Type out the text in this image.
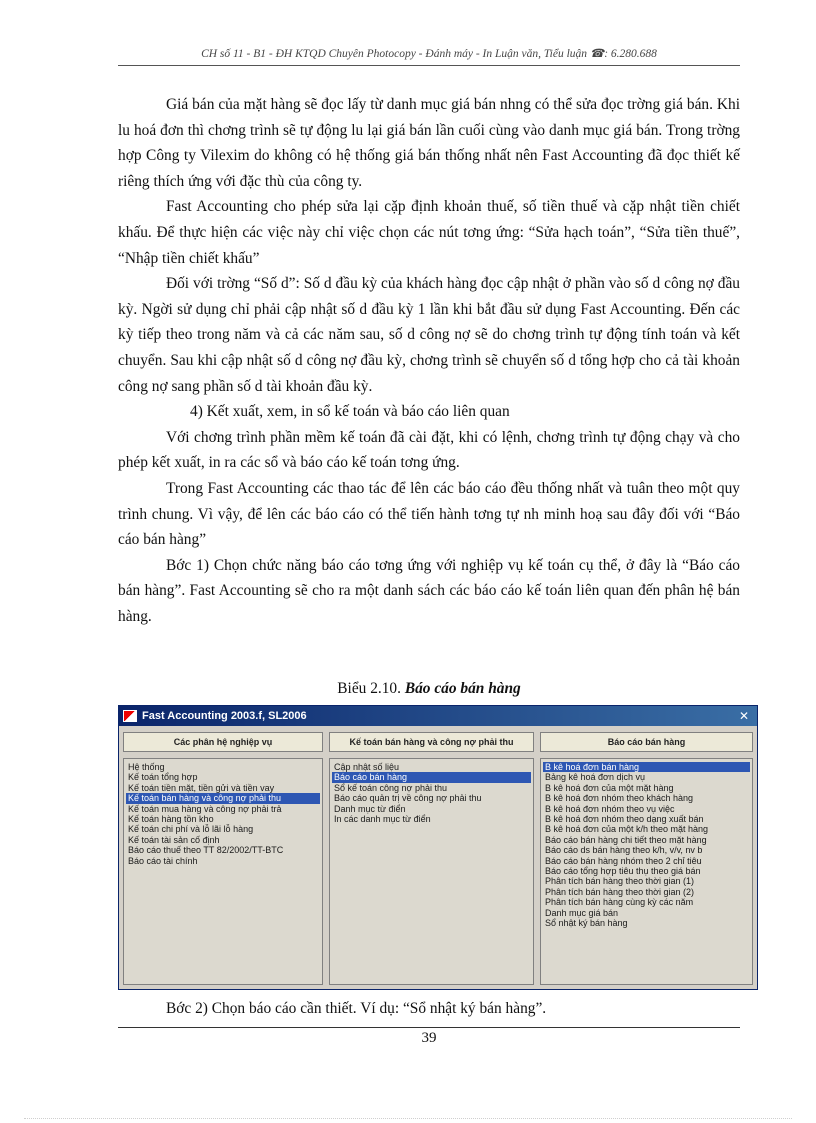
CH số 11 - B1 - ĐH KTQD Chuyên Photocopy - Đánh máy - In Luận văn, Tiểu luận ☎: 6.280.688

Giá bán của mặt hàng sẽ đọc lấy từ danh mục giá bán nhng có thể sửa đọc trờng giá bán. Khi lu hoá đơn thì chơng trình sẽ tự động lu lại giá bán lần cuối cùng vào danh mục giá bán. Trong trờng hợp Công ty Vilexim do không có hệ thống giá bán thống nhất nên Fast Accounting đã đọc thiết kế riêng thích ứng với đặc thù của công ty.

Fast Accounting cho phép sửa lại cặp định khoản thuế, số tiền thuế và cặp nhật tiền chiết khấu. Để thực hiện các việc này chỉ việc chọn các nút tơng ứng: “Sửa hạch toán”, “Sửa tiền thuế”, “Nhập tiền chiết khấu”

Đối với trờng “Số d”: Số d đầu kỳ của khách hàng đọc cập nhật ở phần vào số d công nợ đầu kỳ. Ngời sử dụng chỉ phải cập nhật số d đầu kỳ 1 lần khi bắt đầu sử dụng Fast Accounting. Đến các kỳ tiếp theo trong năm và cả các năm sau, số d công nợ sẽ do chơng trình tự động tính toán và kết chuyển. Sau khi cập nhật số d công nợ đầu kỳ, chơng trình sẽ chuyển số d tổng hợp cho cả tài khoản công nợ sang phần số d tài khoản đầu kỳ.

4) Kết xuất, xem, in sổ kế toán và báo cáo liên quan

Với chơng trình phần mềm kế toán đã cài đặt, khi có lệnh, chơng trình tự động chạy và cho phép kết xuất, in ra các sổ và báo cáo kế toán tơng ứng.

Trong Fast Accounting các thao tác để lên các báo cáo đều thống nhất và tuân theo một quy trình chung. Vì vậy, để lên các báo cáo có thể tiến hành tơng tự nh minh hoạ sau đây đối với “Báo cáo bán hàng”

Bớc 1) Chọn chức năng báo cáo tơng ứng với nghiệp vụ kế toán cụ thể, ở đây là “Báo cáo bán hàng”. Fast Accounting sẽ cho ra một danh sách các báo cáo kế toán liên quan đến phân hệ bán hàng.

Biểu 2.10. Báo cáo bán hàng
Fast Accounting 2003.f, SL2006	✕
Các phân hệ nghiệp vụ
Hệ thống
Kế toán tổng hợp
Kế toán tiền mặt, tiền gửi và tiền vay
Kế toán bán hàng và công nợ phải thu
Kế toán mua hàng và công nợ phải trả
Kế toán hàng tồn kho
Kế toán chi phí và lỗ lãi lỗ hàng
Kế toán tài sản cố định
Báo cáo thuế theo TT 82/2002/TT-BTC
Báo cáo tài chính
Kế toán bán hàng và công nợ phải thu
Cập nhật số liệu
Báo cáo bán hàng
Sổ kế toán công nợ phải thu
Báo cáo quản trị về công nợ phải thu
Danh mục từ điển
In các danh mục từ điển
Báo cáo bán hàng
B kê hoá đơn bán hàng
Bảng kê hoá đơn dịch vụ
B kê hoá đơn của một mặt hàng
B kê hoá đơn nhóm theo khách hàng
B kê hoá đơn nhóm theo vụ việc
B kê hoá đơn nhóm theo dạng xuất bán
B kê hoá đơn của một k/h theo mặt hàng
Báo cáo bán hàng chi tiết theo mặt hàng
Báo cáo ds bán hàng theo k/h, v/v, nv b
Báo cáo bán hàng nhóm theo 2 chỉ tiêu
Báo cáo tổng hợp tiêu thụ theo giá bán
Phân tích bán hàng theo thời gian (1)
Phân tích bán hàng theo thời gian (2)
Phân tích bán hàng cùng kỳ các năm
Danh mục giá bán
Sổ nhật ký bán hàng
Bớc 2) Chọn báo cáo cần thiết. Ví dụ: “Sổ nhật ký bán hàng”.
39
